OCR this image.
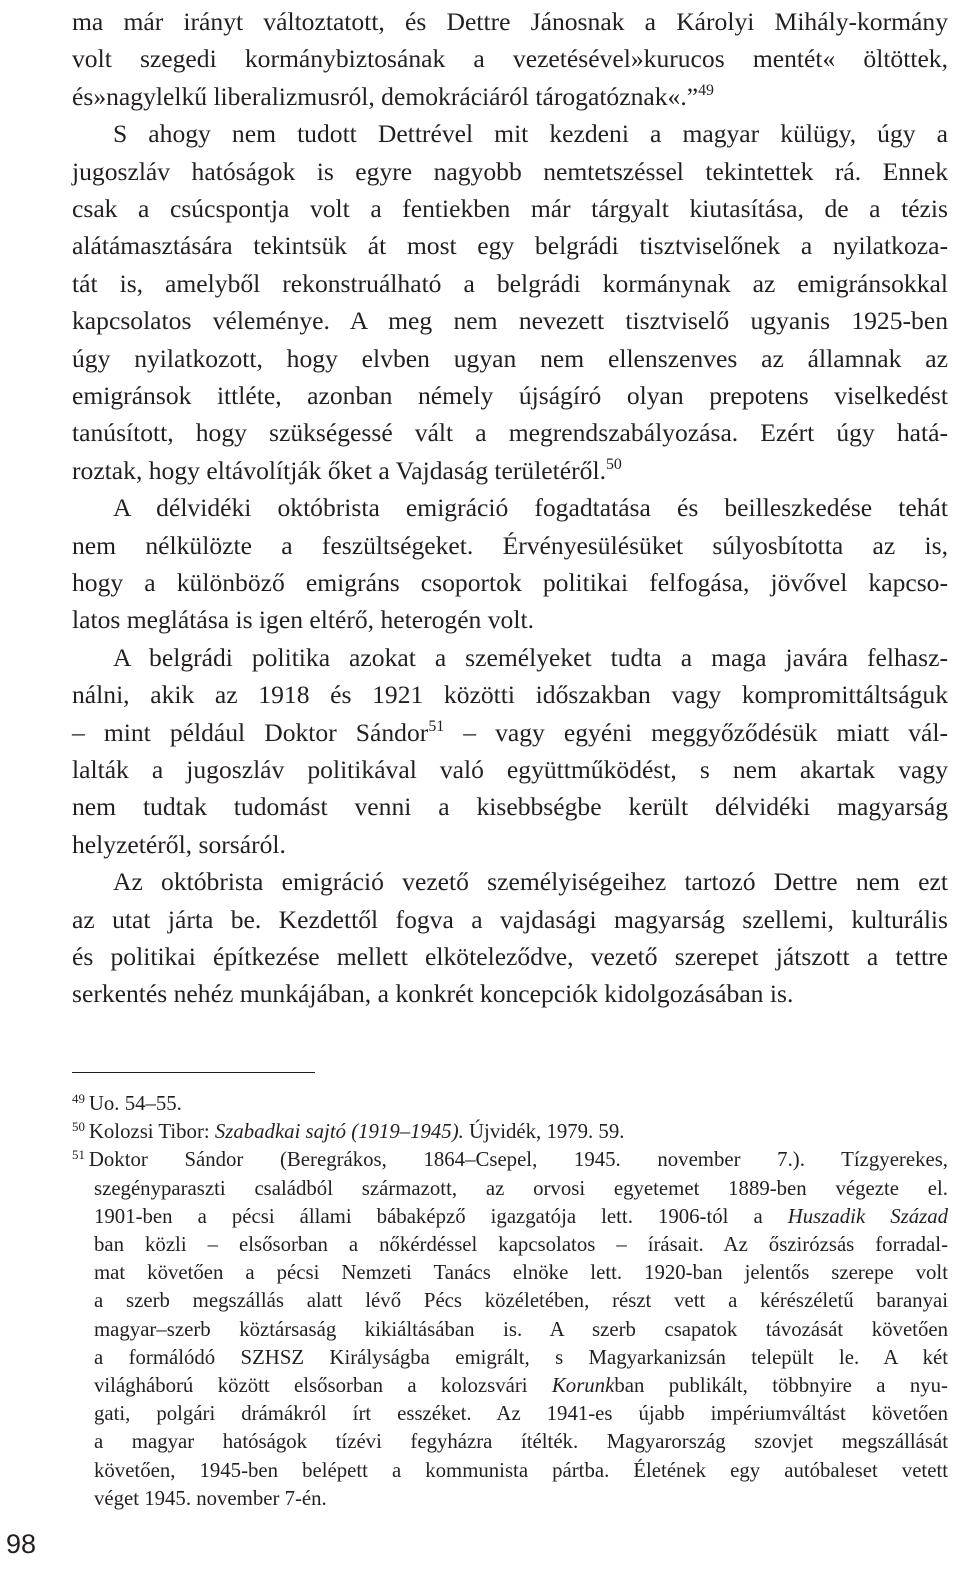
ma már irányt változtatott, és Dettre Jánosnak a Károlyi Mihály-kormány
volt szegedi kormánybiztosának a vezetésével»kurucos mentét« öltöttek,
és»nagylelkű liberalizmusról, demokráciáról tárogatóznak«.”$^{49}$
S ahogy nem tudott Dettrével mit kezdeni a magyar külügy, úgy a
jugoszláv hatóságok is egyre nagyobb nemtetszéssel tekintettek rá. Ennek
csak a csúcspontja volt a fentiekben már tárgyalt kiutasítása, de a tézis
alátámasztására tekintsük át most egy belgrádi tisztviselőnek a nyilatkoza-
tát is, amelyből rekonstruálható a belgrádi kormánynak az emigránsokkal
kapcsolatos véleménye. A meg nem nevezett tisztviselő ugyanis 1925-ben
úgy nyilatkozott, hogy elvben ugyan nem ellenszenves az államnak az
emigránsok ittléte, azonban némely újságíró olyan prepotens viselkedést
tanúsított, hogy szükségessé vált a megrendszabályozása. Ezért úgy hatá-
roztak, hogy eltávolítják őket a Vajdaság területéről.$^{50}$
A délvidéki októbrista emigráció fogadtatása és beilleszkedése tehát
nem nélkülözte a feszültségeket. Érvényesülésüket súlyosbította az is,
hogy a különböző emigráns csoportok politikai felfogása, jövővel kapcso-
latos meglátása is igen eltérő, heterogén volt.
A belgrádi politika azokat a személyeket tudta a maga javára felhasz-
nálni, akik az 1918 és 1921 közötti időszakban vagy kompromittáltságuk
– mint például Doktor Sándor$^{51}$ – vagy egyéni meggyőződésük miatt vál-
lalták a jugoszláv politikával való együttműködést, s nem akartak vagy
nem tudtak tudomást venni a kisebbségbe került délvidéki magyarság
helyzetéről, sorsáról.
Az októbrista emigráció vezető személyiségeihez tartozó Dettre nem ezt
az utat járta be. Kezdettől fogva a vajdasági magyarság szellemi, kulturális
és politikai építkezése mellett elköteleződve, vezető szerepet játszott a tettre
serkentés nehéz munkájában, a konkrét koncepciók kidolgozásában is.
$^{49}$ Uo. 54–55.
$^{50}$ Kolozsi Tibor: Szabadkai sajtó (1919–1945). Újvidék, 1979. 59.
$^{51}$ Doktor Sándor (Beregrákos, 1864–Csepel, 1945. november 7.). Tízgyerekes,
szegényparaszti családból származott, az orvosi egyetemet 1889-ben végezte el.
1901-ben a pécsi állami bábaképző igazgatója lett. 1906-tól a Huszadik Század
ban közli – elsősorban a nőkérdéssel kapcsolatos – írásait. Az őszirózsás forradal-
mat követően a pécsi Nemzeti Tanács elnöke lett. 1920-ban jelentős szerepe volt
a szerb megszállás alatt lévő Pécs közéletében, részt vett a kérészéletű baranyai
magyar–szerb köztársaság kikiáltásában is. A szerb csapatok távozását követően
a formálódó SZHSZ Királyságba emigrált, s Magyarkanizsán települt le. A két
világháború között elsősorban a kolozsvári Korunkban publikált, többnyire a nyu-
gati, polgári drámákról írt esszéket. Az 1941-es újabb impériumváltást követően
a magyar hatóságok tízévi fegyházra ítélték. Magyarország szovjet megszállását
követően, 1945-ben belépett a kommunista pártba. Életének egy autóbaleset vetett
véget 1945. november 7-én.
98
